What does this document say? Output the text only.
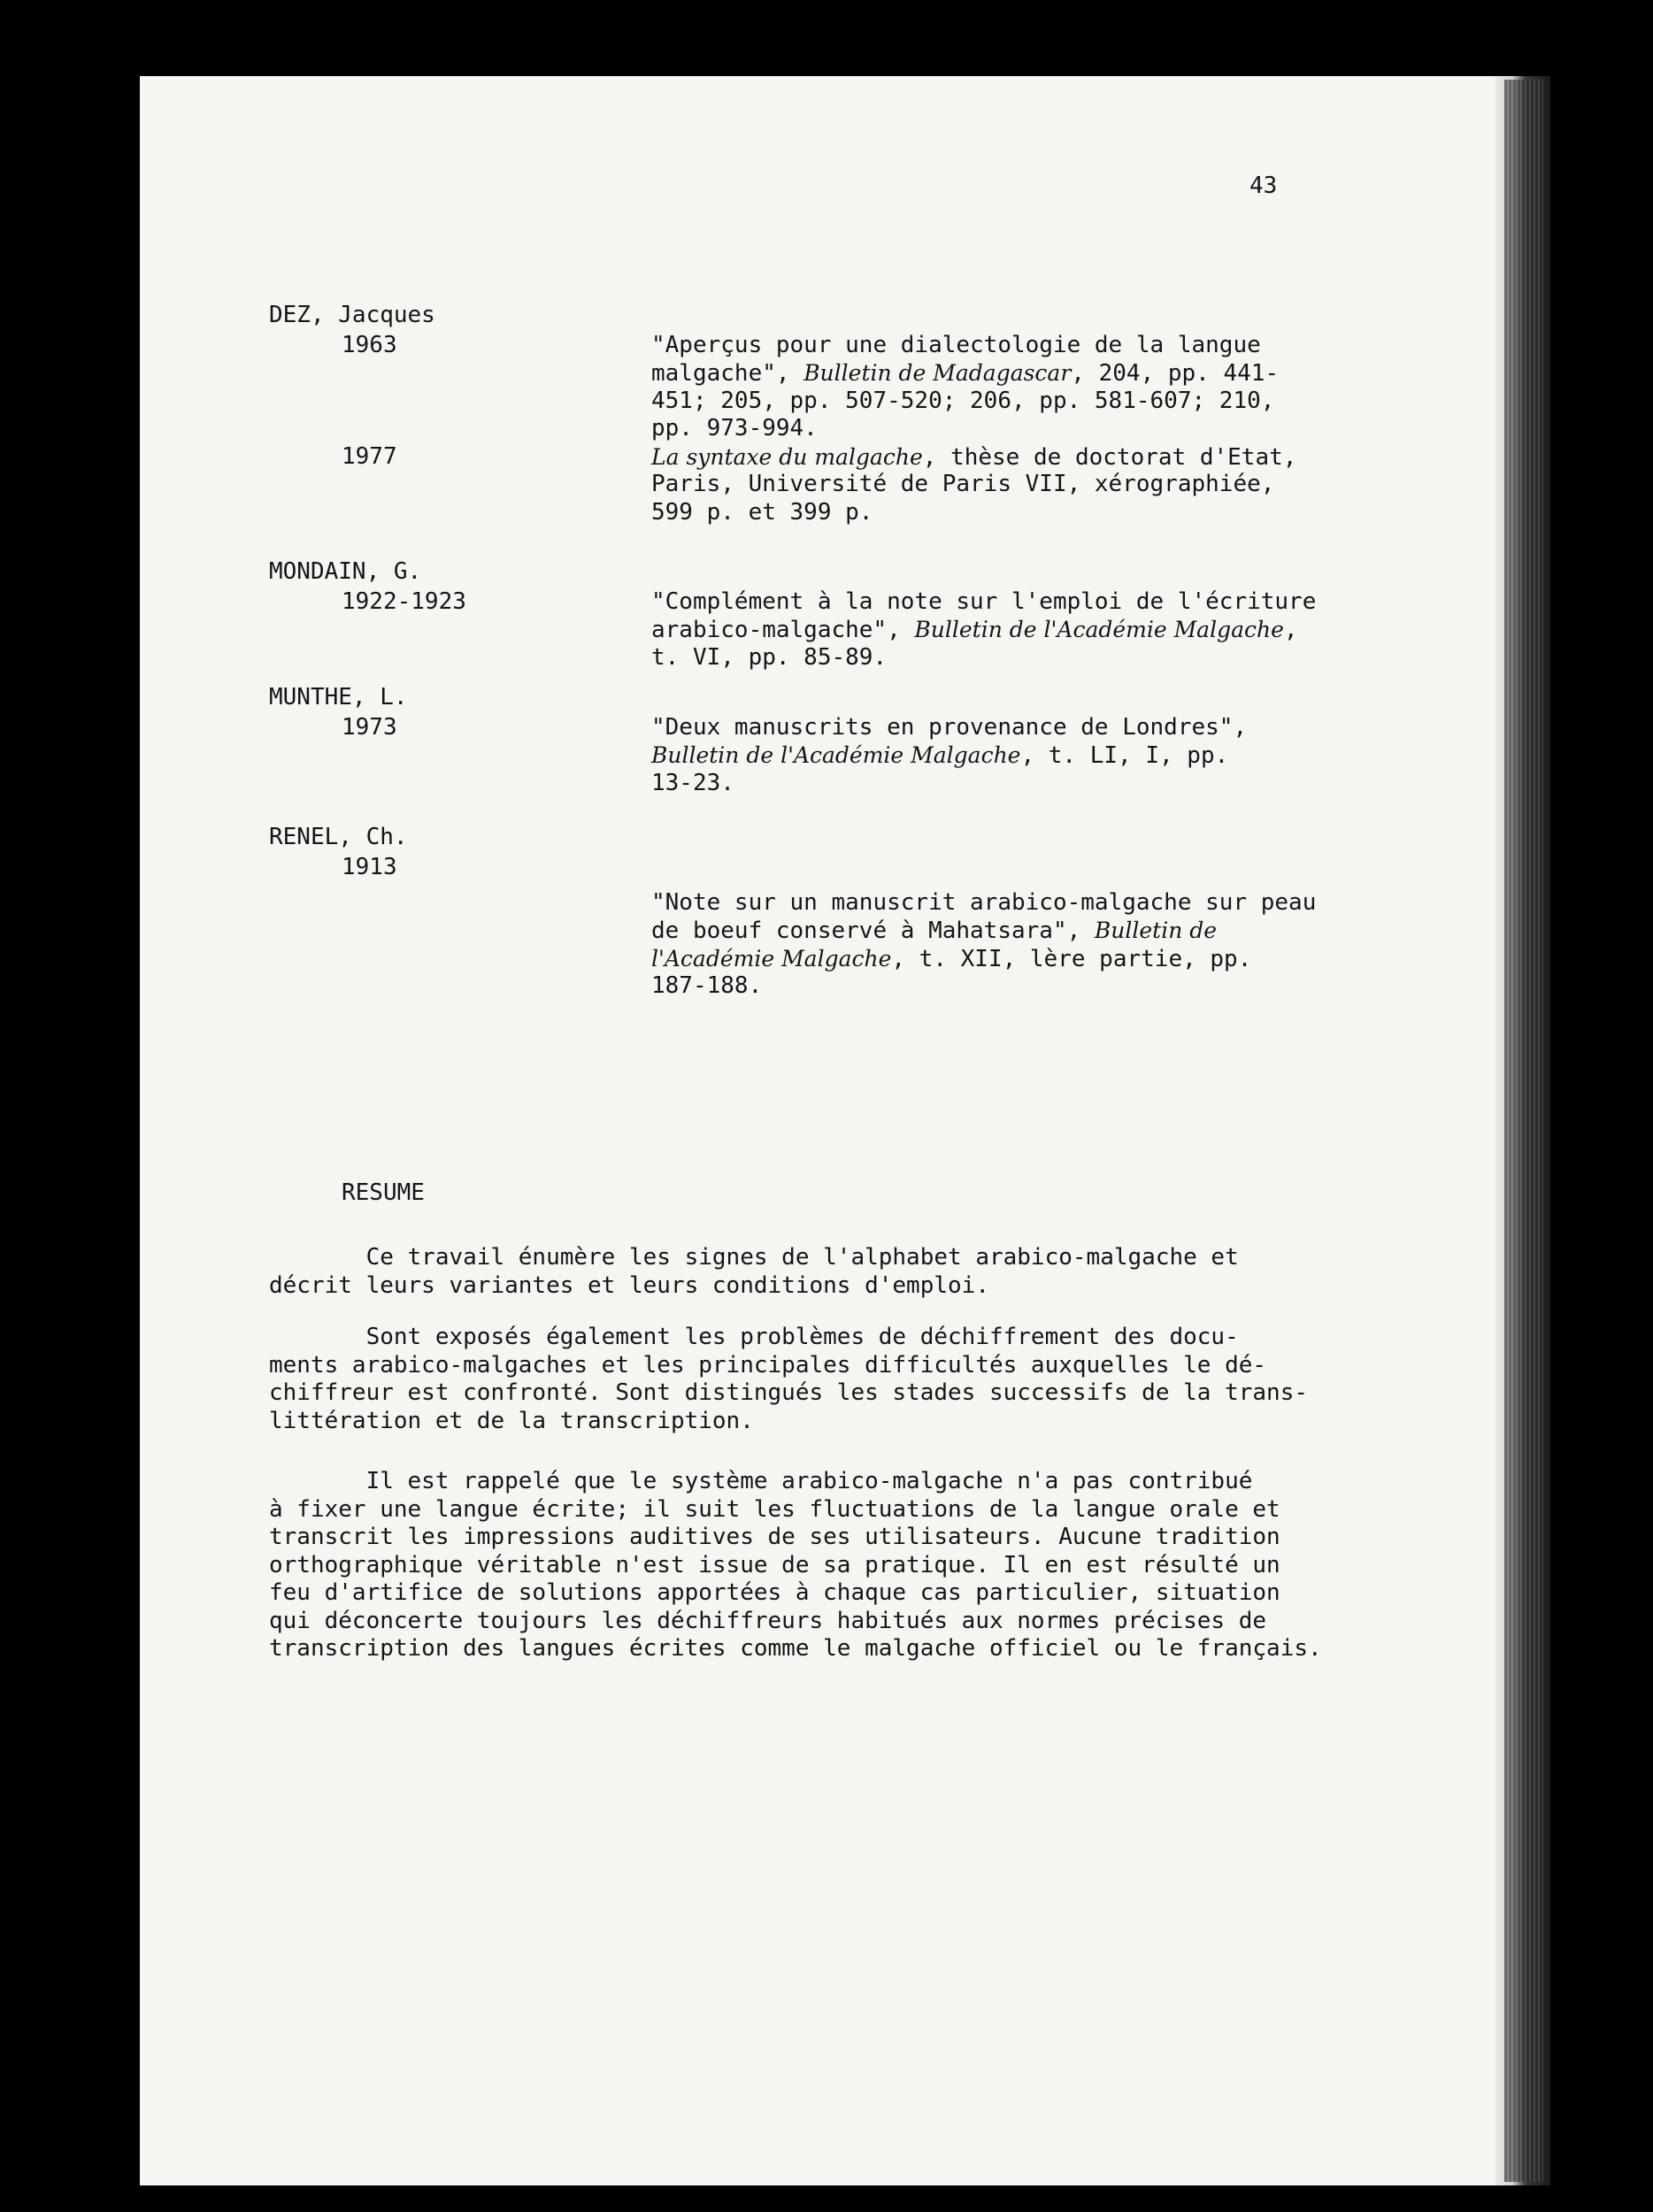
43
RESUME
DEZ, Jacques
1963	"Aperçus pour une dialectologie de la langue
malgache", Bulletin de Madagascar, 204, pp. 441-
451; 205, pp. 507-520; 206, pp. 581-607; 210,
pp. 973-994.
1977	La syntaxe du malgache, thèse de doctorat d'Etat,
Paris, Université de Paris VII, xérographiée,
599 p. et 399 p.
MONDAIN, G.
1922-1923	"Complément à la note sur l'emploi de l'écriture
arabico-malgache", Bulletin de l'Académie Malgache,
t. VI, pp. 85-89.
MUNTHE, L.
1973	"Deux manuscrits en provenance de Londres",
Bulletin de l'Académie Malgache, t. LI, I, pp.
13-23.
RENEL, Ch.
1913
"Note sur un manuscrit arabico-malgache sur peau
de boeuf conservé à Mahatsara", Bulletin de
l'Académie Malgache, t. XII, lère partie, pp.
187-188.
Ce travail énumère les signes de l'alphabet arabico-malgache et
décrit leurs variantes et leurs conditions d'emploi.
Sont exposés également les problèmes de déchiffrement des docu-
ments arabico-malgaches et les principales difficultés auxquelles le dé-
chiffreur est confronté. Sont distingués les stades successifs de la trans-
littération et de la transcription.
Il est rappelé que le système arabico-malgache n'a pas contribué
à fixer une langue écrite; il suit les fluctuations de la langue orale et
transcrit les impressions auditives de ses utilisateurs. Aucune tradition
orthographique véritable n'est issue de sa pratique. Il en est résulté un
feu d'artifice de solutions apportées à chaque cas particulier, situation
qui déconcerte toujours les déchiffreurs habitués aux normes précises de
transcription des langues écrites comme le malgache officiel ou le français.
